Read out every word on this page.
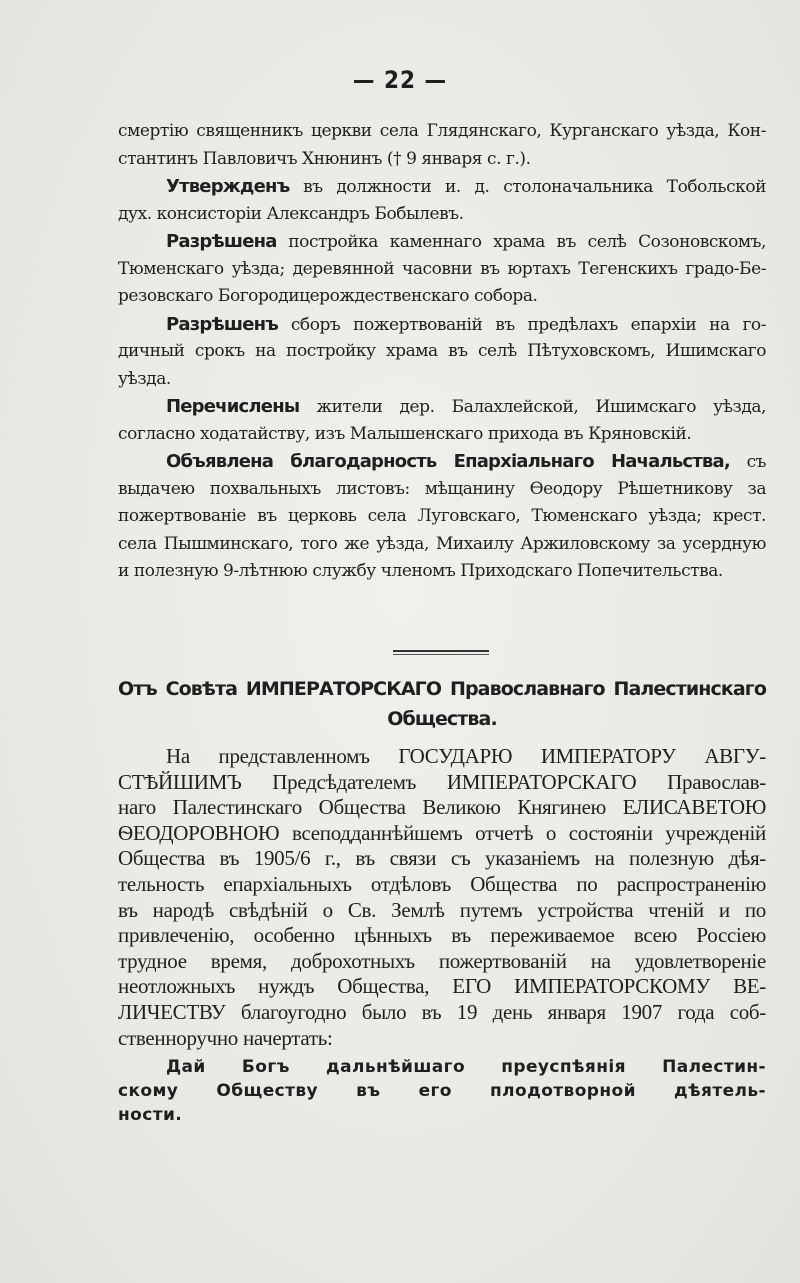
— 22 —
смертію священникъ церкви села Глядянскаго, Курганскаго уѣзда, Кон-
стантинъ Павловичъ Хнюнинъ († 9 января с. г.).
Утвержденъ въ должности и. д. столоначальника Тобольской
дух. консисторіи Александръ Бобылевъ.
Разрѣшена постройка каменнаго храма въ селѣ Созоновскомъ,
Тюменскаго уѣзда; деревянной часовни въ юртахъ Тегенскихъ градо-Бе-
резовскаго Богородицерождественскаго собора.
Разрѣшенъ сборъ пожертвованій въ предѣлахъ епархіи на го-
дичный срокъ на постройку храма въ селѣ Пѣтуховскомъ, Ишимскаго
уѣзда.
Перечислены жители дер. Балахлейской, Ишимскаго уѣзда,
согласно ходатайству, изъ Малышенскаго прихода въ Кряновскій.
Объявлена благодарность Епархіальнаго Начальства, съ
выдачею похвальныхъ листовъ: мѣщанину Ѳеодору Рѣшетникову за
пожертвованіе въ церковь села Луговскаго, Тюменскаго уѣзда; крест.
села Пышминскаго, того же уѣзда, Михаилу Аржиловскому за усердную
и полезную 9-лѣтнюю службу членомъ Приходскаго Попечительства.
Отъ Совѣта ИМПЕРАТОРСКАГО Православнаго Палестинскаго
Общества.
На представленномъ ГОСУДАРЮ ИМПЕРАТОРУ АВГУ-
СТѢЙШИМЪ Предсѣдателемъ ИМПЕРАТОРСКАГО Православ-
наго Палестинскаго Общества Великою Княгинею ЕЛИСАВЕТОЮ
ѲЕОДОРОВНОЮ всеподданнѣйшемъ отчетѣ о состояніи учрежденій
Общества въ 1905/6 г., въ связи съ указаніемъ на полезную дѣя-
тельность епархіальныхъ отдѣловъ Общества по распространенію
въ народѣ свѣдѣній о Св. Землѣ путемъ устройства чтеній и по
привлеченію, особенно цѣнныхъ въ переживаемое всею Россіею
трудное время, доброхотныхъ пожертвованій на удовлетвореніе
неотложныхъ нуждъ Общества, ЕГО ИМПЕРАТОРСКОМУ ВЕ-
ЛИЧЕСТВУ благоугодно было въ 19 день января 1907 года соб-
ственноручно начертать:
Дай Богъ дальнѣйшаго преуспѣянія Палестин-
скому Обществу въ его плодотворной дѣятель-
ности.
